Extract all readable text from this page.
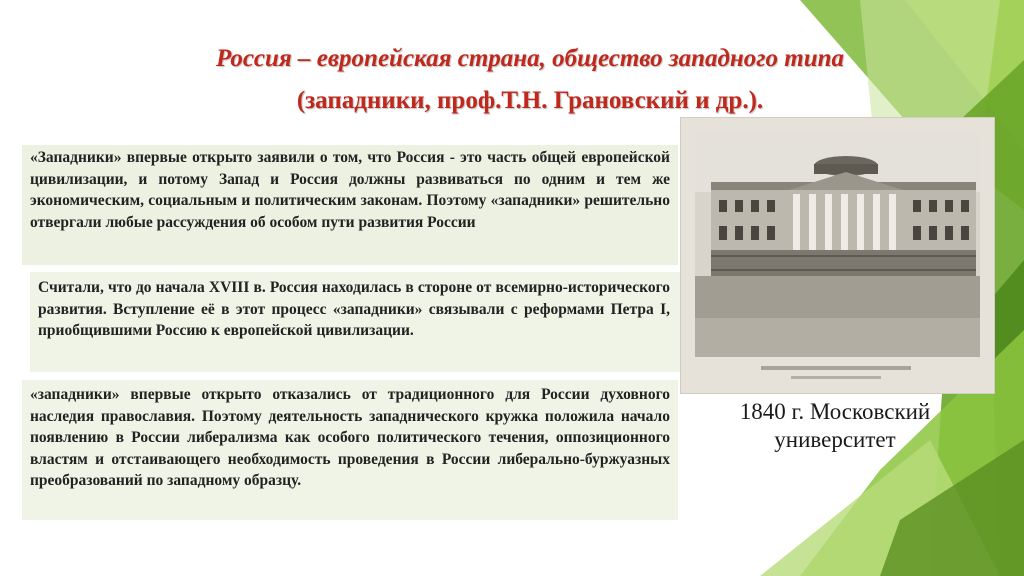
Россия – европейская страна, общество западного типа
(западники, проф.Т.Н. Грановский и др.).
«Западники» впервые открыто заявили о том, что Россия - это часть общей европейской цивилизации, и потому Запад и Россия должны развиваться по одним и тем же экономическим, социальным и политическим законам. Поэтому «западники» решительно отвергали любые рассуждения об особом пути развития России
Считали, что до начала XVIII в. Россия находилась в стороне от всемирно-исторического развития. Вступление её в этот процесс «западники» связывали с реформами Петра I, приобщившими Россию к европейской цивилизации.
«западники» впервые открыто отказались от традиционного для России духовного наследия православия. Поэтому деятельность западнического кружка положила начало появлению в России либерализма как особого политического течения, оппозиционного властям и отстаивающего необходимость проведения в России либерально-буржуазных преобразований по западному образцу.
1840 г. Московский университет
